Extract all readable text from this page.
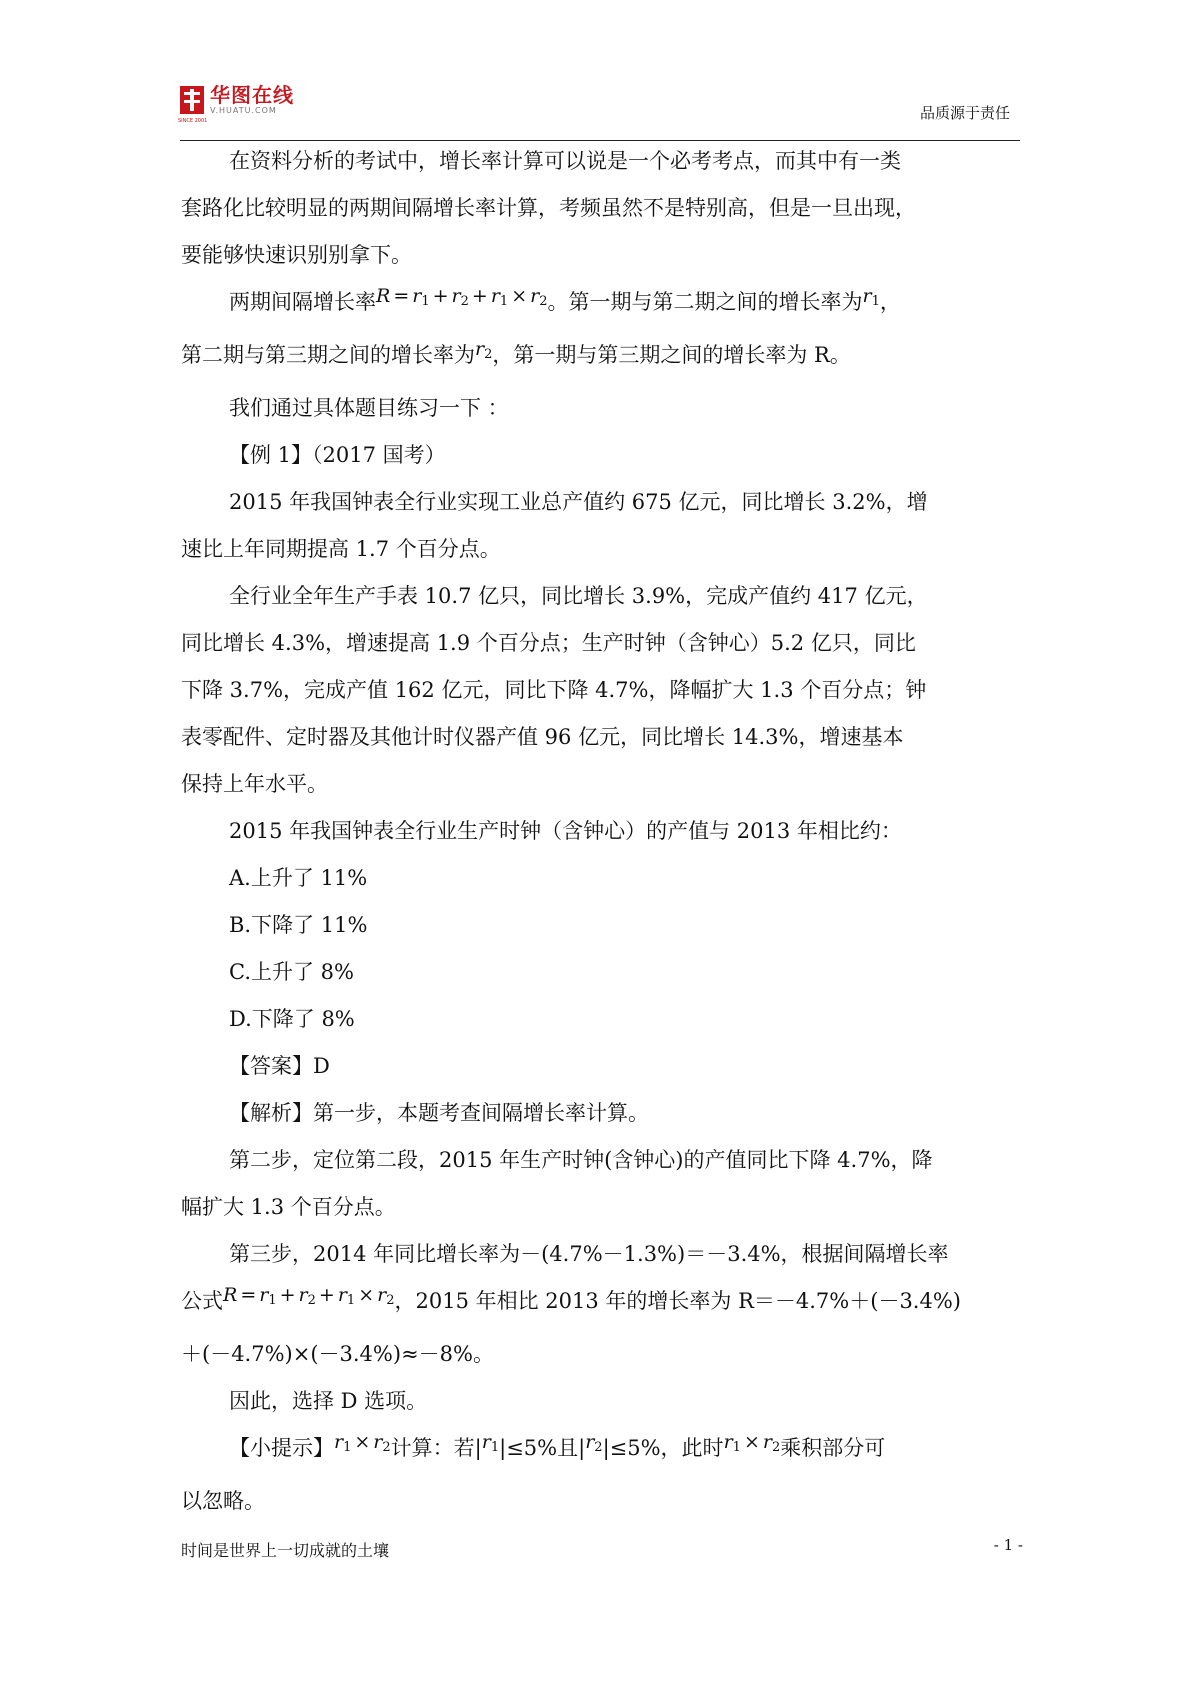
华图在线
V.HUATU.COM
SINCE 2001	品质源于责任

在资料分析的考试中，增长率计算可以说是一个必考考点，而其中有一类

套路化比较明显的两期间隔增长率计算，考频虽然不是特别高，但是一旦出现，

要能够快速识别别拿下。

两期间隔增长率$R = r_1 + r_2 + r_1 \times r_2$。第一期与第二期之间的增长率为$r_1$，

第二期与第三期之间的增长率为$r_2$，第一期与第三期之间的增长率为 R。

我们通过具体题目练习一下 ：

【例 1】（2017 国考）

2015 年我国钟表全行业实现工业总产值约 675 亿元，同比增长 3.2%，增

速比上年同期提高 1.7 个百分点。

全行业全年生产手表 10.7 亿只，同比增长 3.9%，完成产值约 417 亿元，

同比增长 4.3%，增速提高 1.9 个百分点；生产时钟（含钟心）5.2 亿只，同比

下降 3.7%，完成产值 162 亿元，同比下降 4.7%，降幅扩大 1.3 个百分点；钟

表零配件、定时器及其他计时仪器产值 96 亿元，同比增长 14.3%，增速基本

保持上年水平。

2015 年我国钟表全行业生产时钟（含钟心）的产值与 2013 年相比约：

A.上升了 11%

B.下降了 11%

C.上升了 8%

D.下降了 8%

【答案】D

【解析】第一步，本题考查间隔增长率计算。

第二步，定位第二段，2015 年生产时钟(含钟心)的产值同比下降 4.7%，降

幅扩大 1.3 个百分点。

第三步，2014 年同比增长率为－(4.7%－1.3%)＝－3.4%，根据间隔增长率

公式$R = r_1 + r_2 + r_1 \times r_2$，2015 年相比 2013 年的增长率为 R＝－4.7%＋(－3.4%)

＋(－4.7%)×(－3.4%)≈－8%。

因此，选择 D 选项。

【小提示】$r_1 \times r_2$计算：若$|r_1|\le 5\%$且$|r_2|\le 5\%$，此时$r_1 \times r_2$乘积部分可

以忽略。

时间是世界上一切成就的土壤	- 1 -
